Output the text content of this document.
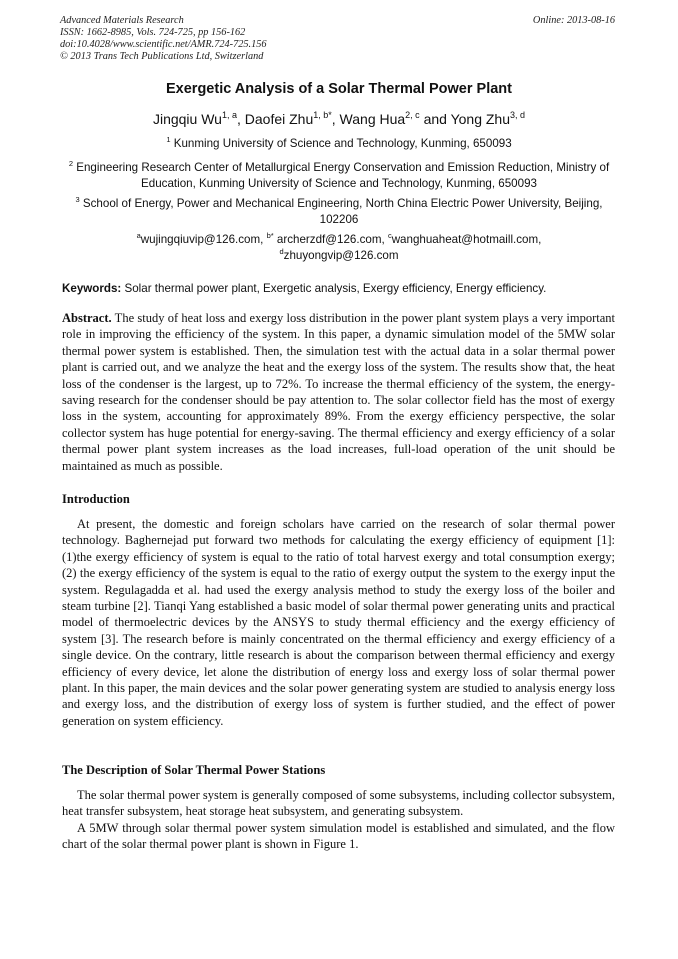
Advanced Materials Research
ISSN: 1662-8985, Vols. 724-725, pp 156-162
doi:10.4028/www.scientific.net/AMR.724-725.156
© 2013 Trans Tech Publications Ltd, Switzerland
Online: 2013-08-16
Exergetic Analysis of a Solar Thermal Power Plant
Jingqiu Wu$^{1, a}$, Daofei Zhu$^{1, b*}$, Wang Hua$^{2, c}$ and Yong Zhu$^{3, d}$
$^1$ Kunming University of Science and Technology, Kunming, 650093
$^2$ Engineering Research Center of Metallurgical Energy Conservation and Emission Reduction, Ministry of Education, Kunming University of Science and Technology, Kunming, 650093
$^3$ School of Energy, Power and Mechanical Engineering, North China Electric Power University, Beijing, 102206
$^a$wujingqiuvip@126.com, $^{b*}$ archerzdf@126.com, $^c$wanghuaheat@hotmaill.com,
$^d$zhuyongvip@126.com
Keywords: Solar thermal power plant, Exergetic analysis, Exergy efficiency, Energy efficiency.
Abstract. The study of heat loss and exergy loss distribution in the power plant system plays a very important role in improving the efficiency of the system. In this paper, a dynamic simulation model of the 5MW solar thermal power system is established. Then, the simulation test with the actual data in a solar thermal power plant is carried out, and we analyze the heat and the exergy loss of the system. The results show that, the heat loss of the condenser is the largest, up to 72%. To increase the thermal efficiency of the system, the energy-saving research for the condenser should be pay attention to. The solar collector field has the most of exergy loss in the system, accounting for approximately 89%. From the exergy efficiency perspective, the solar collector system has huge potential for energy-saving. The thermal efficiency and exergy efficiency of a solar thermal power plant system increases as the load increases, full-load operation of the unit should be maintained as much as possible.
Introduction

At present, the domestic and foreign scholars have carried on the research of solar thermal power technology. Baghernejad put forward two methods for calculating the exergy efficiency of equipment [1]: (1)the exergy efficiency of system is equal to the ratio of total harvest exergy and total consumption exergy; (2) the exergy efficiency of the system is equal to the ratio of exergy output the system to the exergy input the system. Regulagadda et al. had used the exergy analysis method to study the exergy loss of the boiler and steam turbine [2]. Tianqi Yang established a basic model of solar thermal power generating units and practical model of thermoelectric devices by the ANSYS to study thermal efficiency and the exergy efficiency of system [3]. The research before is mainly concentrated on the thermal efficiency and exergy efficiency of a single device. On the contrary, little research is about the comparison between thermal efficiency and exergy efficiency of every device, let alone the distribution of energy loss and exergy loss of solar thermal power plant. In this paper, the main devices and the solar power generating system are studied to analysis energy loss and exergy loss, and the distribution of exergy loss of system is further studied, and the effect of power generation on system efficiency.

The Description of Solar Thermal Power Stations

The solar thermal power system is generally composed of some subsystems, including collector subsystem, heat transfer subsystem, heat storage heat subsystem, and generating subsystem.

A 5MW through solar thermal power system simulation model is established and simulated, and the flow chart of the solar thermal power plant is shown in Figure 1.
